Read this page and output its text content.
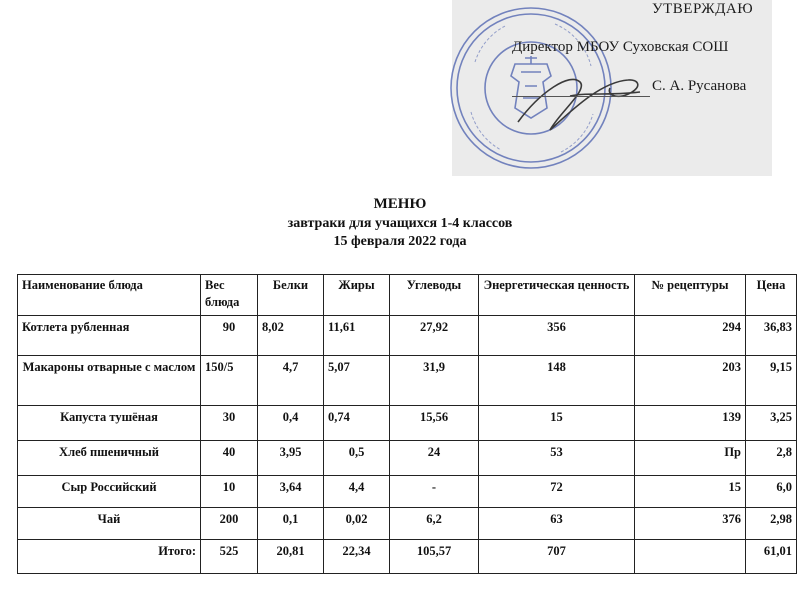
УТВЕРЖДАЮ
Директор МБОУ Суховская СОШ
С. А. Русанова
МЕНЮ
завтраки для учащихся 1-4 классов
15 февраля 2022 года
Наименование блюда	Вес блюда	Белки	Жиры	Углеводы	Энергетическая ценность	№ рецептуры	Цена
Котлета рубленная	90	8,02	11,61	27,92	356	294	36,83
Макароны отварные с маслом	150/5	4,7	5,07	31,9	148	203	9,15
Капуста тушёная	30	0,4	0,74	15,56	15	139	3,25
Хлеб пшеничный	40	3,95	0,5	24	53	Пр	2,8
Сыр Российский	10	3,64	4,4	-	72	15	6,0
Чай	200	0,1	0,02	6,2	63	376	2,98
Итого:	525	20,81	22,34	105,57	707		61,01
